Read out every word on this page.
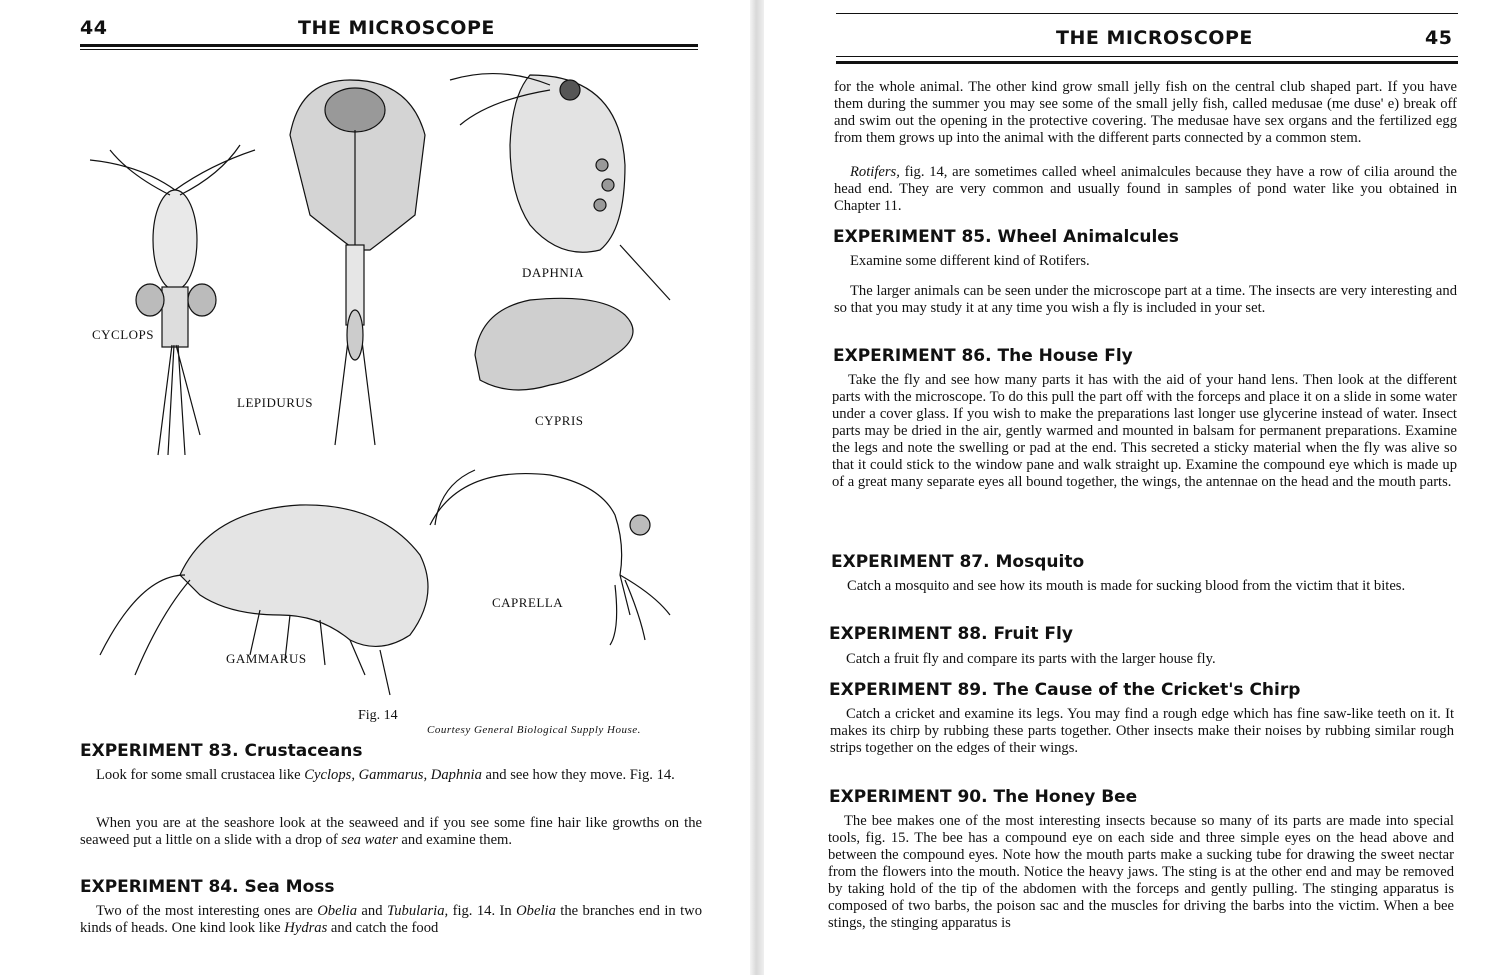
44	THE MICROSCOPE
CYCLOPS
LEPIDURUS
DAPHNIA
CYPRIS
CAPRELLA
GAMMARUS
Fig. 14
Courtesy General Biological Supply House.
EXPERIMENT 83. Crustaceans
Look for some small crustacea like Cyclops, Gammarus, Daphnia and see how they move. Fig. 14.
When you are at the seashore look at the seaweed and if you see some fine hair like growths on the seaweed put a little on a slide with a drop of sea water and examine them.
EXPERIMENT 84. Sea Moss
Two of the most interesting ones are Obelia and Tubularia, fig. 14. In Obelia the branches end in two kinds of heads. One kind look like Hydras and catch the food
THE MICROSCOPE	45
for the whole animal. The other kind grow small jelly fish on the central club shaped part. If you have them during the summer you may see some of the small jelly fish, called medusae (me duse' e) break off and swim out the opening in the protective covering. The medusae have sex organs and the fertilized egg from them grows up into the animal with the different parts connected by a common stem.
Rotifers, fig. 14, are sometimes called wheel animalcules because they have a row of cilia around the head end. They are very common and usually found in samples of pond water like you obtained in Chapter 11.
EXPERIMENT 85. Wheel Animalcules
Examine some different kind of Rotifers.
The larger animals can be seen under the microscope part at a time. The insects are very interesting and so that you may study it at any time you wish a fly is included in your set.
EXPERIMENT 86. The House Fly
Take the fly and see how many parts it has with the aid of your hand lens. Then look at the different parts with the microscope. To do this pull the part off with the forceps and place it on a slide in some water under a cover glass. If you wish to make the preparations last longer use glycerine instead of water. Insect parts may be dried in the air, gently warmed and mounted in balsam for permanent preparations. Examine the legs and note the swelling or pad at the end. This secreted a sticky material when the fly was alive so that it could stick to the window pane and walk straight up. Examine the compound eye which is made up of a great many separate eyes all bound together, the wings, the antennae on the head and the mouth parts.
EXPERIMENT 87. Mosquito
Catch a mosquito and see how its mouth is made for sucking blood from the victim that it bites.
EXPERIMENT 88. Fruit Fly
Catch a fruit fly and compare its parts with the larger house fly.
EXPERIMENT 89. The Cause of the Cricket's Chirp
Catch a cricket and examine its legs. You may find a rough edge which has fine saw-like teeth on it. It makes its chirp by rubbing these parts together. Other insects make their noises by rubbing similar rough strips together on the edges of their wings.
EXPERIMENT 90. The Honey Bee
The bee makes one of the most interesting insects because so many of its parts are made into special tools, fig. 15. The bee has a compound eye on each side and three simple eyes on the head above and between the compound eyes. Note how the mouth parts make a sucking tube for drawing the sweet nectar from the flowers into the mouth. Notice the heavy jaws. The sting is at the other end and may be removed by taking hold of the tip of the abdomen with the forceps and gently pulling. The stinging apparatus is composed of two barbs, the poison sac and the muscles for driving the barbs into the victim. When a bee stings, the stinging apparatus is
